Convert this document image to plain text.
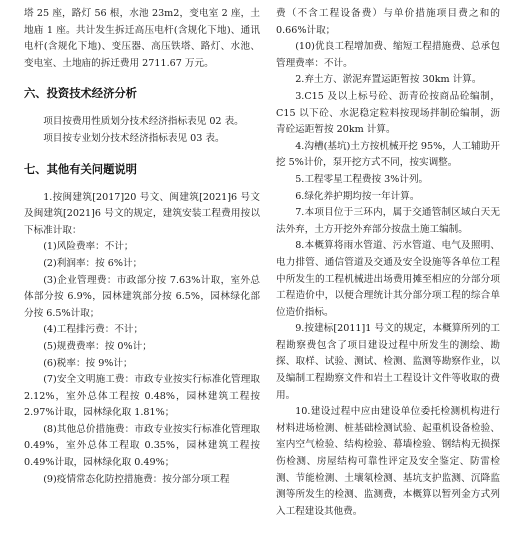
塔 25 座，路灯 56 根，水池 23m2，变电室 2 座，土地庙 1 座。共计发生拆迁高压电杆(含规化下地)、通讯电杆(含规化下地)、变压器、高压铁塔、路灯、水池、变电室、土地庙的拆迁费用 2711.67 万元。

六、投资技术经济分析

项目按费用性质划分技术经济指标表见 02 表。

项目按专业划分技术经济指标表见 03 表。

七、其他有关问题说明

1.按闽建筑[2017]20 号文、闽建筑[2021]6 号文及闽建筑[2021]6 号文的规定，建筑安装工程费用按以下标准计取：

(1)风险费率：不计；

(2)利润率：按 6%计；

(3)企业管理费：市政部分按 7.63%计取，室外总体部分按 6.9%，园林建筑部分按 6.5%，园林绿化部分按 6.5%计取；

(4)工程排污费：不计；

(5)规费费率：按 0%计；

(6)税率：按 9%计；

(7)安全文明施工费：市政专业按实行标准化管理取 2.12%，室外总体工程按 0.48%，园林建筑工程按 2.97%计取，园林绿化取 1.81%；

(8)其他总价措施费：市政专业按实行标准化管理取 0.49%，室外总体工程取 0.35%，园林建筑工程按 0.49%计取，园林绿化取 0.49%；

(9)疫情常态化防控措施费：按分部分项工程

费（不含工程设备费）与单价措施项目费之和的 0.66%计取；

(10)优良工程增加费、缩短工程措施费、总承包管理费率：不计。

2.弃土方、淤泥弃置运距暂按 30km 计算。

3.C15 及以上标号砼、沥青砼按商品砼编制，C15 以下砼、水泥稳定粒料按现场拌制砼编制，沥青砼运距暂按 20km 计算。

4.沟槽(基坑)土方按机械开挖 95%，人工辅助开挖 5%计价，泵开挖方式不同，按实调整。

5.工程零星工程费按 3%计列。

6.绿化养护期均按一年计算。

7.本项目位于三环内，属于交通管制区域白天无法外弃，土方开挖外弃部分按盘土施工编制。

8.本概算将雨水管道、污水管道、电气及照明、电力排管、通信管道及交通及安全设施等各单位工程中所发生的工程机械进出场费用摊至相应的分部分项工程造价中，以便合理统计其分部分项工程的综合单位造价指标。

9.按建标[2011]1 号文的规定，本概算所列的工程勘察费包含了项目建设过程中所发生的测绘、勘探、取样、试验、测试、检测、监测等勘察作业，以及编制工程勘察文件和岩土工程设计文件等收取的费用。

10.建设过程中应由建设单位委托检测机构进行材料进场检测、桩基础检测试验、起重机设备检验、室内空气检验、结构检验、幕墙检验、钢结构无损探伤检测、房屋结构可靠性评定及安全鉴定、防雷检测、节能检测、土壤氡检测、基坑支护监测、沉降监测等所发生的检测、监测费，本概算以暂列金方式列入工程建设其他费。
